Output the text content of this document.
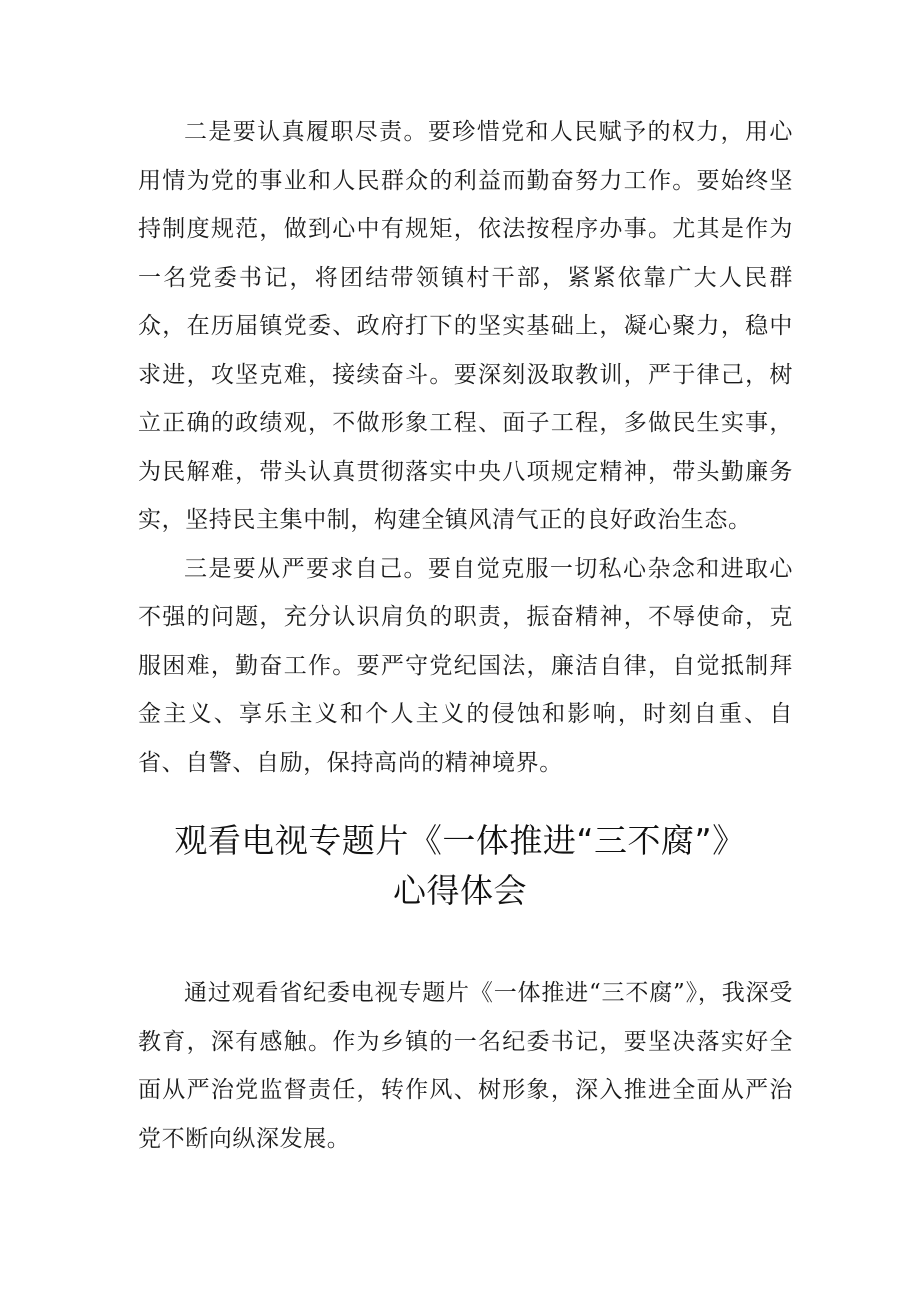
二是要认真履职尽责。要珍惜党和人民赋予的权力，用心用情为党的事业和人民群众的利益而勤奋努力工作。要始终坚持制度规范，做到心中有规矩，依法按程序办事。尤其是作为一名党委书记，将团结带领镇村干部，紧紧依靠广大人民群众，在历届镇党委、政府打下的坚实基础上，凝心聚力，稳中求进，攻坚克难，接续奋斗。要深刻汲取教训，严于律己，树立正确的政绩观，不做形象工程、面子工程，多做民生实事，为民解难，带头认真贯彻落实中央八项规定精神，带头勤廉务实，坚持民主集中制，构建全镇风清气正的良好政治生态。

三是要从严要求自己。要自觉克服一切私心杂念和进取心不强的问题，充分认识肩负的职责，振奋精神，不辱使命，克服困难，勤奋工作。要严守党纪国法，廉洁自律，自觉抵制拜金主义、享乐主义和个人主义的侵蚀和影响，时刻自重、自省、自警、自励，保持高尚的精神境界。

观看电视专题片《一体推进“三不腐”》

心得体会

通过观看省纪委电视专题片《一体推进“三不腐”》，我深受教育，深有感触。作为乡镇的一名纪委书记，要坚决落实好全面从严治党监督责任，转作风、树形象，深入推进全面从严治党不断向纵深发展。
